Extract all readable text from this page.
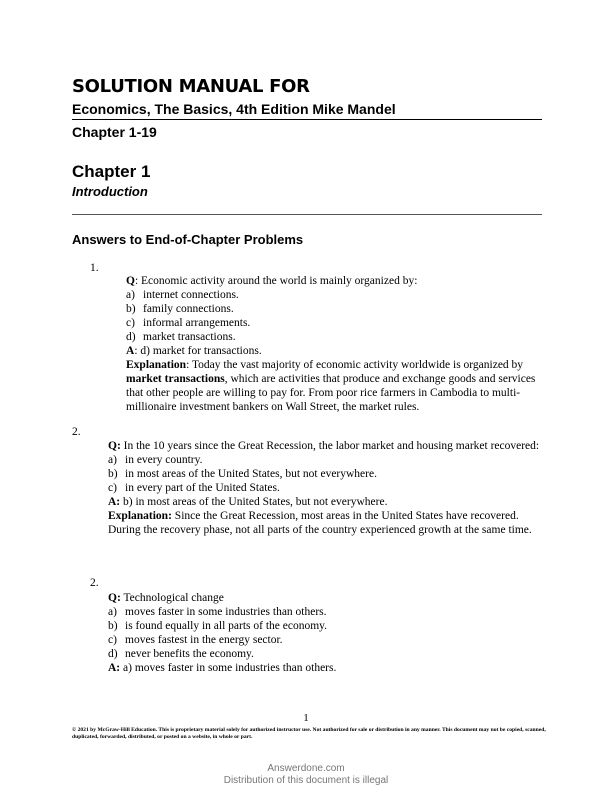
SOLUTION MANUAL FOR
Economics, The Basics, 4th Edition Mike Mandel
Chapter 1-19
Chapter 1
Introduction
Answers to End-of-Chapter Problems
1.

Q: Economic activity around the world is mainly organized by:

a) internet connections.
b) family connections.
c) informal arrangements.
d) market transactions.

A: d) market for transactions.

Explanation: Today the vast majority of economic activity worldwide is organized by market transactions, which are activities that produce and exchange goods and services that other people are willing to pay for. From poor rice farmers in Cambodia to multi-millionaire investment bankers on Wall Street, the market rules.

2.

Q: In the 10 years since the Great Recession, the labor market and housing market recovered:

a) in every country.
b) in most areas of the United States, but not everywhere.
c) in every part of the United States.

A: b) in most areas of the United States, but not everywhere.

Explanation: Since the Great Recession, most areas in the United States have recovered. During the recovery phase, not all parts of the country experienced growth at the same time.

2.

Q: Technological change

a) moves faster in some industries than others.
b) is found equally in all parts of the economy.
c) moves fastest in the energy sector.
d) never benefits the economy.

A: a) moves faster in some industries than others.

1
© 2021 by McGraw-Hill Education. This is proprietary material solely for authorized instructor use. Not authorized for sale or distribution in any manner. This document may not be copied, scanned, duplicated, forwarded, distributed, or posted on a website, in whole or part.
Answerdone.com
Distribution of this document is illegal
